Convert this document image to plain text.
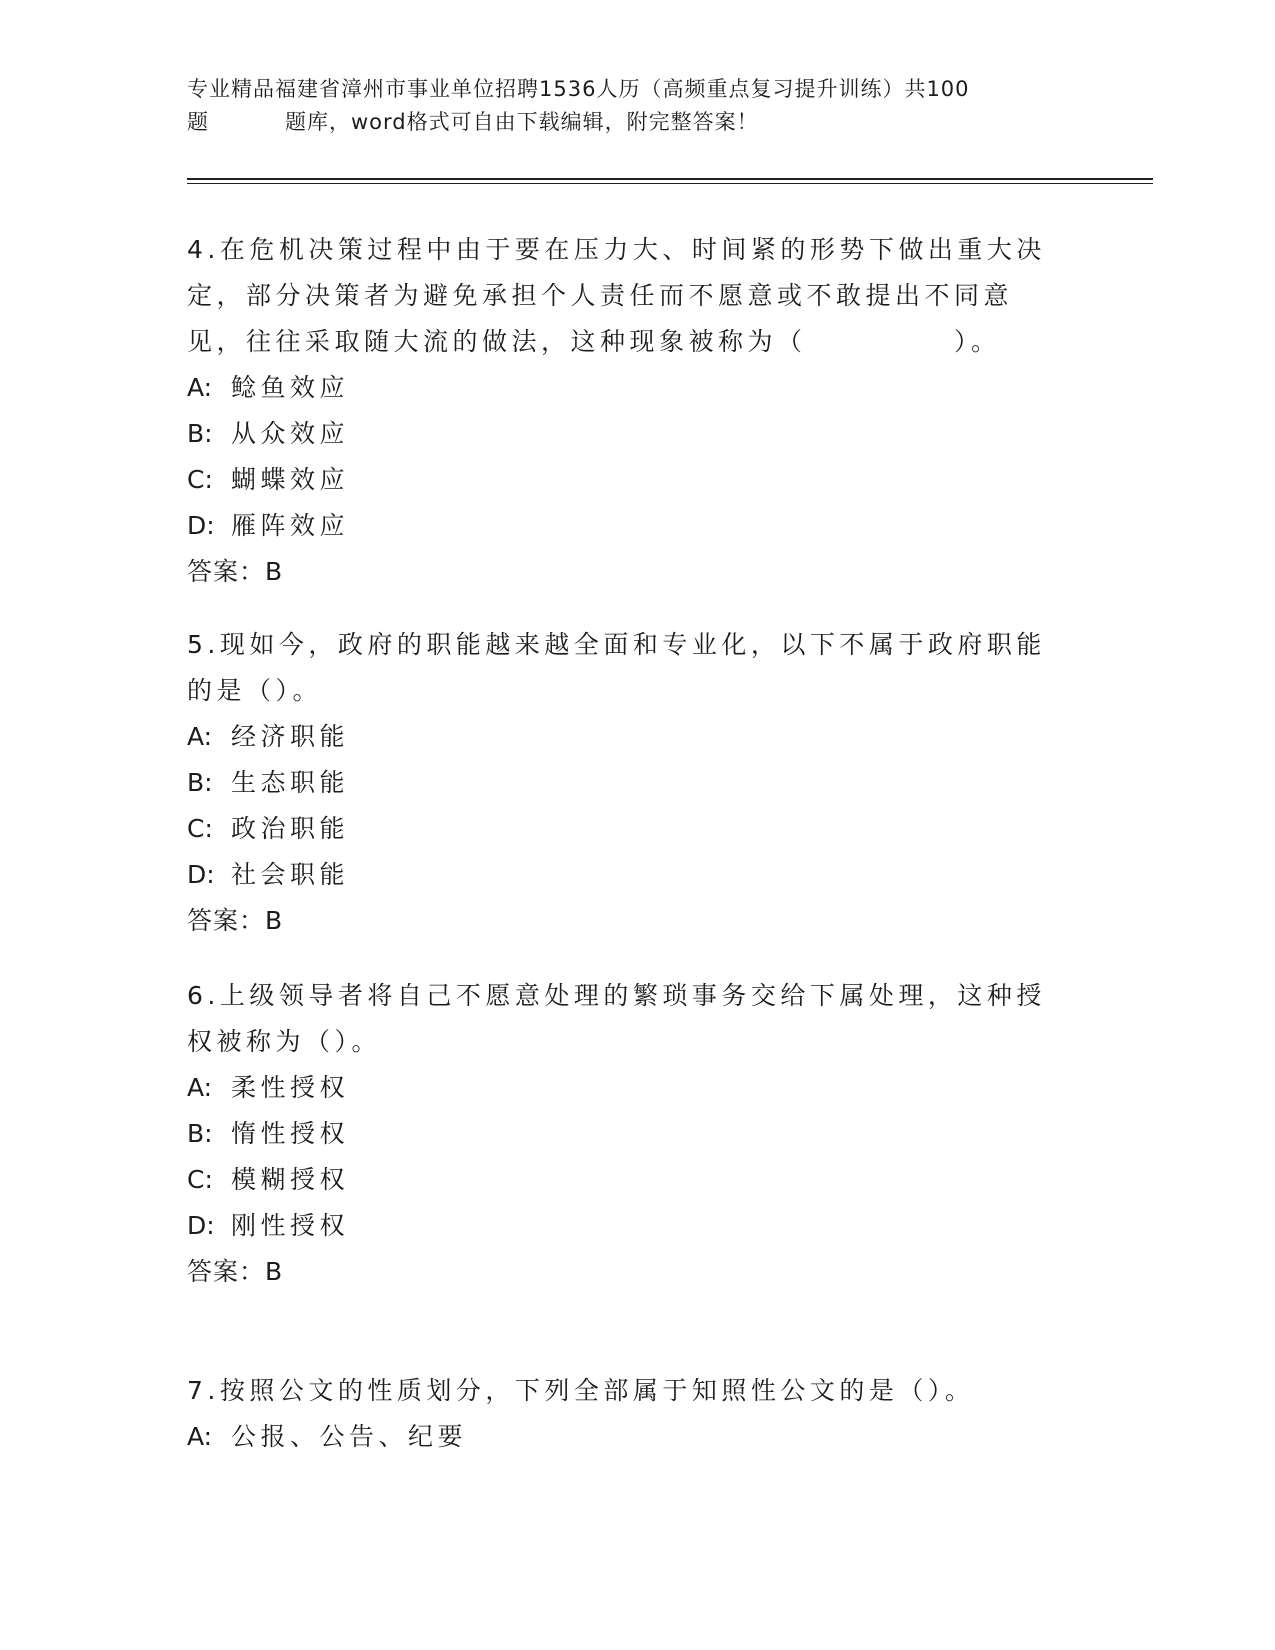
专业精品福建省漳州市事业单位招聘1536人历（高频重点复习提升训练）共100
题	题库，word格式可自由下载编辑，附完整答案！

4.在危机决策过程中由于要在压力大、时间紧的形势下做出重大决定，部分决策者为避免承担个人责任而不愿意或不敢提出不同意见，往往采取随大流的做法，这种现象被称为（　　　　　）。

A: 鲶鱼效应
B: 从众效应
C: 蝴蝶效应
D: 雁阵效应
答案：B

5.现如今，政府的职能越来越全面和专业化，以下不属于政府职能的是（）。

A: 经济职能
B: 生态职能
C: 政治职能
D: 社会职能
答案：B

6.上级领导者将自己不愿意处理的繁琐事务交给下属处理，这种授权被称为（）。

A: 柔性授权
B: 惰性授权
C: 模糊授权
D: 刚性授权
答案：B

7.按照公文的性质划分，下列全部属于知照性公文的是（）。

A: 公报、公告、纪要
